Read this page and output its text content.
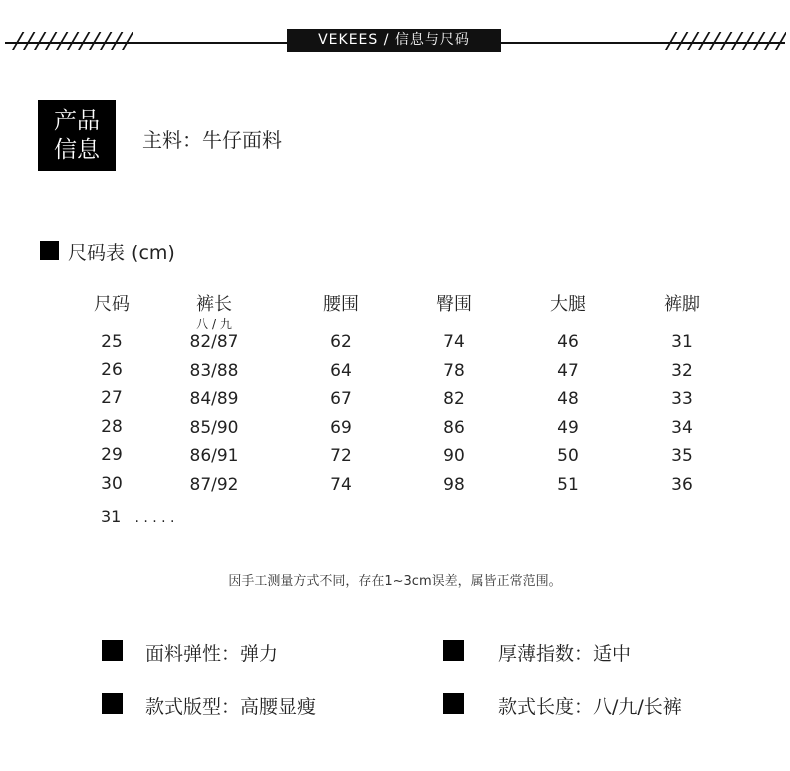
VEKEES / 信息与尺码
产品
信息	主料：牛仔面料
尺码表 (cm)
尺码	裤长	腰围	臀围	大腿	裤脚
八 / 九
25	82/87	62	74	46	31
26	83/88	64	78	47	32
27	84/89	67	82	48	33
28	85/90	69	86	49	34
29	86/91	72	90	50	35
30	87/92	74	98	51	36
31 . . . . .
因手工测量方式不同，存在1~3cm误差，属皆正常范围。
面料弹性：弹力	厚薄指数：适中
款式版型：高腰显瘦	款式长度：八/九/长裤
